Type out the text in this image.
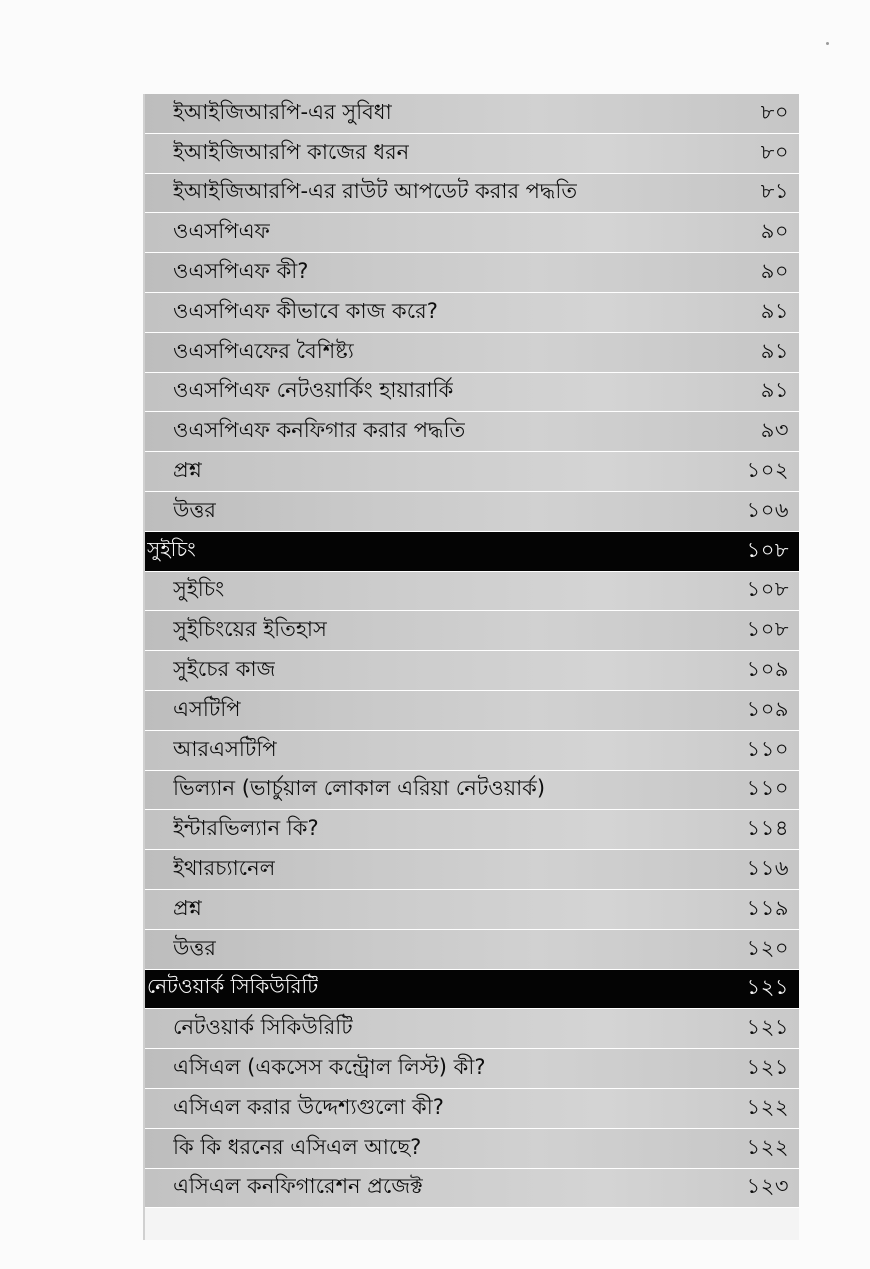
ইআইজিআরপি-এর সুবিধা	৮০
ইআইজিআরপি কাজের ধরন	৮০
ইআইজিআরপি-এর রাউট আপডেট করার পদ্ধতি	৮১
ওএসপিএফ	৯০
ওএসপিএফ কী?	৯০
ওএসপিএফ কীভাবে কাজ করে?	৯১
ওএসপিএফের বৈশিষ্ট্য	৯১
ওএসপিএফ নেটওয়ার্কিং হায়ারার্কি	৯১
ওএসপিএফ কনফিগার করার পদ্ধতি	৯৩
প্রশ্ন	১০২
উত্তর	১০৬
সুইচিং	১০৮
সুইচিং	১০৮
সুইচিংয়ের ইতিহাস	১০৮
সুইচের কাজ	১০৯
এসটিপি	১০৯
আরএসটিপি	১১০
ভিল্যান (ভার্চুয়াল লোকাল এরিয়া নেটওয়ার্ক)	১১০
ইন্টারভিল্যান কি?	১১৪
ইথারচ্যানেল	১১৬
প্রশ্ন	১১৯
উত্তর	১২০
নেটওয়ার্ক সিকিউরিটি	১২১
নেটওয়ার্ক সিকিউরিটি	১২১
এসিএল (একসেস কন্ট্রোল লিস্ট) কী?	১২১
এসিএল করার উদ্দেশ্যগুলো কী?	১২২
কি কি ধরনের এসিএল আছে?	১২২
এসিএল কনফিগারেশন প্রজেক্ট	১২৩
